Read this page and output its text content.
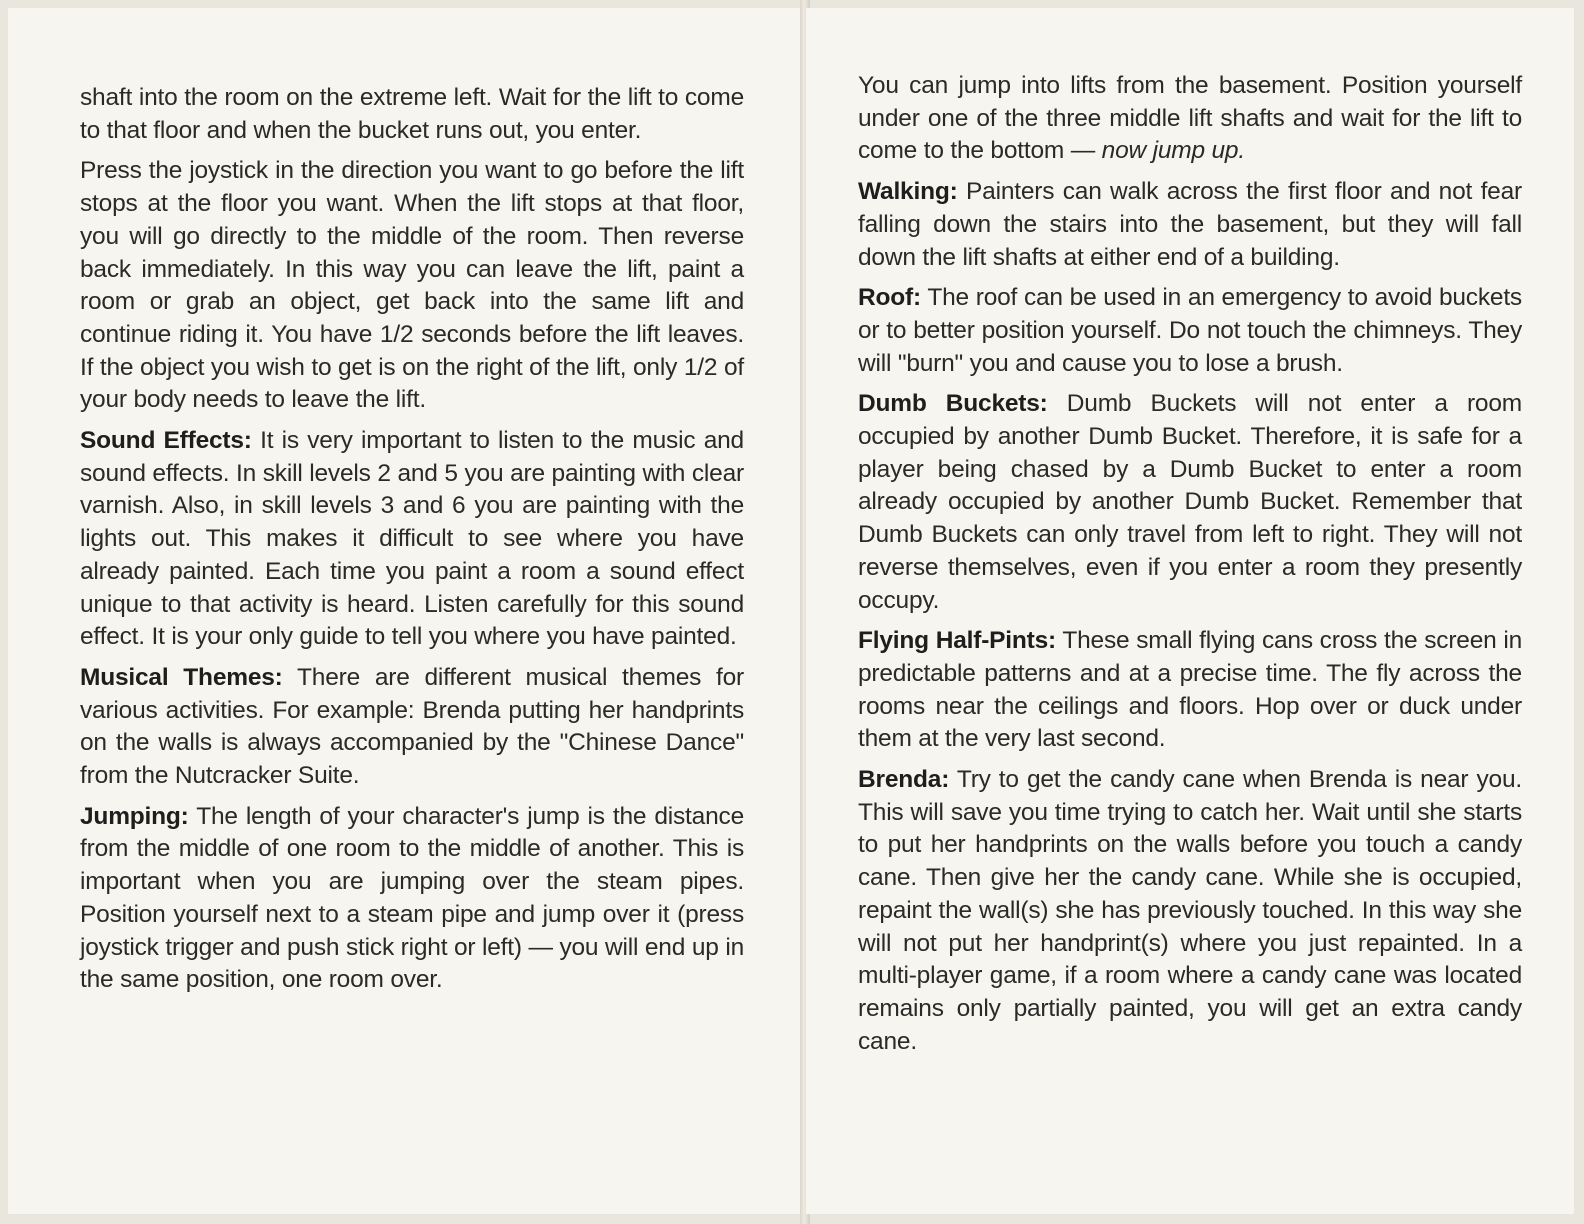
shaft into the room on the extreme left. Wait for the lift to come to that floor and when the bucket runs out, you enter.

Press the joystick in the direction you want to go before the lift stops at the floor you want. When the lift stops at that floor, you will go directly to the middle of the room. Then reverse back immediately. In this way you can leave the lift, paint a room or grab an object, get back into the same lift and continue riding it. You have 1/2 seconds before the lift leaves. If the object you wish to get is on the right of the lift, only 1/2 of your body needs to leave the lift.

Sound Effects: It is very important to listen to the music and sound effects. In skill levels 2 and 5 you are painting with clear varnish. Also, in skill levels 3 and 6 you are painting with the lights out. This makes it difficult to see where you have already painted. Each time you paint a room a sound effect unique to that activity is heard. Listen carefully for this sound effect. It is your only guide to tell you where you have painted.

Musical Themes: There are different musical themes for various activities. For example: Brenda putting her handprints on the walls is always accompanied by the "Chinese Dance" from the Nutcracker Suite.

Jumping: The length of your character's jump is the distance from the middle of one room to the middle of another. This is important when you are jumping over the steam pipes. Position yourself next to a steam pipe and jump over it (press joystick trigger and push stick right or left) — you will end up in the same position, one room over.

You can jump into lifts from the basement. Position yourself under one of the three middle lift shafts and wait for the lift to come to the bottom — now jump up.

Walking: Painters can walk across the first floor and not fear falling down the stairs into the basement, but they will fall down the lift shafts at either end of a building.

Roof: The roof can be used in an emergency to avoid buckets or to better position yourself. Do not touch the chimneys. They will "burn" you and cause you to lose a brush.

Dumb Buckets: Dumb Buckets will not enter a room occupied by another Dumb Bucket. Therefore, it is safe for a player being chased by a Dumb Bucket to enter a room already occupied by another Dumb Bucket. Remember that Dumb Buckets can only travel from left to right. They will not reverse themselves, even if you enter a room they presently occupy.

Flying Half-Pints: These small flying cans cross the screen in predictable patterns and at a precise time. The fly across the rooms near the ceilings and floors. Hop over or duck under them at the very last second.

Brenda: Try to get the candy cane when Brenda is near you. This will save you time trying to catch her. Wait until she starts to put her handprints on the walls before you touch a candy cane. Then give her the candy cane. While she is occupied, repaint the wall(s) she has previously touched. In this way she will not put her handprint(s) where you just repainted. In a multi-player game, if a room where a candy cane was located remains only partially painted, you will get an extra candy cane.
